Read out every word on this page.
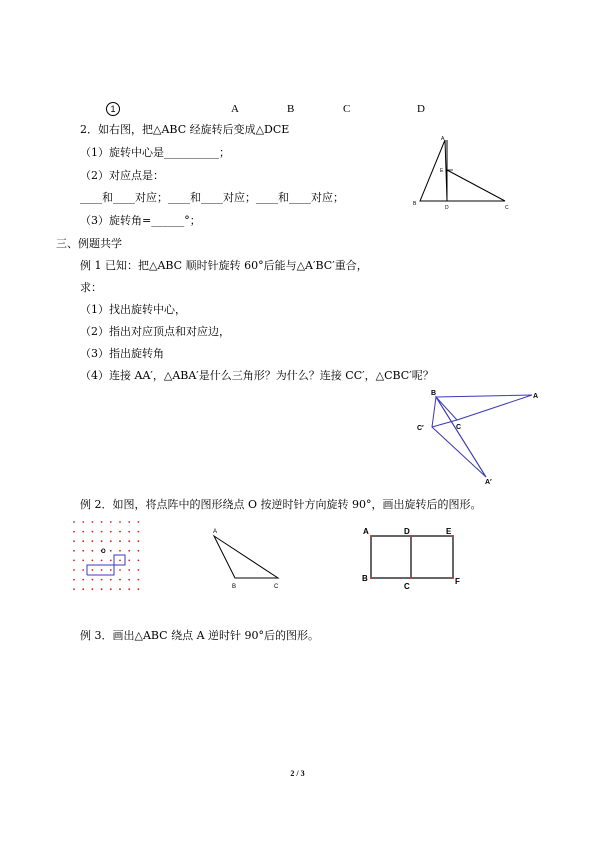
1	A	B	C	D
2．如右图，把△ABC 经旋转后变成△DCE
（1）旋转中心是__________；
（2）对应点是：
____和____对应；____和____对应；____和____对应；
（3）旋转角=______°；
A
E
B
D	C
三、例题共学
例 1 已知：把△ABC 顺时针旋转 60°后能与△A′BC′重合，
求：
（1）找出旋转中心，
（2）指出对应顶点和对应边，
（3）指出旋转角
（4）连接 AA′，△ABA′是什么三角形？为什么？连接 CC′，△CBC′呢？
B	A
C′	C
A′
例 2．如图，将点阵中的图形绕点 O 按逆时针方向旋转 90°，画出旋转后的图形。
O
A
B	C
A	D	E
B
C
F
例 3．画出△ABC 绕点 A 逆时针 90°后的图形。
2 / 3
